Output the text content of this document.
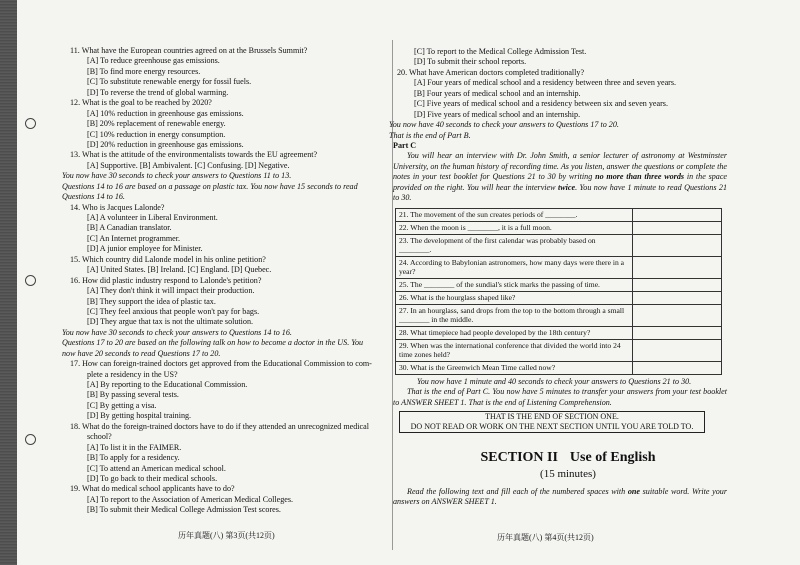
11. What have the European countries agreed on at the Brussels Summit?
[A] To reduce greenhouse gas emissions.
[B] To find more energy resources.
[C] To substitute renewable energy for fossil fuels.
[D] To reverse the trend of global warming.
12. What is the goal to be reached by 2020?
[A] 10% reduction in greenhouse gas emissions.
[B] 20% replacement of renewable energy.
[C] 10% reduction in energy consumption.
[D] 20% reduction in greenhouse gas emissions.
13. What is the attitude of the environmentalists towards the EU agreement?
[A] Supportive. [B] Ambivalent. [C] Confusing. [D] Negative.
You now have 30 seconds to check your answers to Questions 11 to 13.
Questions 14 to 16 are based on a passage on plastic tax. You now have 15 seconds to read
Questions 14 to 16.
14. Who is Jacques Lalonde?
[A] A volunteer in Liberal Environment.
[B] A Canadian translator.
[C] An Internet programmer.
[D] A junior employee for Minister.
15. Which country did Lalonde model in his online petition?
[A] United States. [B] Ireland. [C] England. [D] Quebec.
16. How did plastic industry respond to Lalonde's petition?
[A] They don't think it will impact their production.
[B] They support the idea of plastic tax.
[C] They feel anxious that people won't pay for bags.
[D] They argue that tax is not the ultimate solution.
You now have 30 seconds to check your answers to Questions 14 to 16.
Questions 17 to 20 are based on the following talk on how to become a doctor in the US. You
now have 20 seconds to read Questions 17 to 20.
17. How can foreign-trained doctors get approved from the Educational Commission to com-
plete a residency in the US?
[A] By reporting to the Educational Commission.
[B] By passing several tests.
[C] By getting a visa.
[D] By getting hospital training.
18. What do the foreign-trained doctors have to do if they attended an unrecognized medical
school?
[A] To list it in the FAIMER.
[B] To apply for a residency.
[C] To attend an American medical school.
[D] To go back to their medical schools.
19. What do medical school applicants have to do?
[A] To report to the Association of American Medical Colleges.
[B] To submit their Medical College Admission Test scores.
[C] To report to the Medical College Admission Test.
[D] To submit their school reports.
20. What have American doctors completed traditionally?
[A] Four years of medical school and a residency between three and seven years.
[B] Four years of medical school and an internship.
[C] Five years of medical school and a residency between six and seven years.
[D] Five years of medical school and an internship.
You now have 40 seconds to check your answers to Questions 17 to 20.
That is the end of Part B.
Part C
You will hear an interview with Dr. John Smith, a senior lecturer of astronomy at Westminster University, on the human history of recording time. As you listen, answer the questions or complete the notes in your test booklet for Questions 21 to 30 by writing no more than three words in the space provided on the right. You will hear the interview twice. You now have 1 minute to read Questions 21 to 30.
21. The movement of the sun creates periods of ________.	
22. When the moon is ________, it is a full moon.	
23. The development of the first calendar was probably based on ________.	
24. According to Babylonian astronomers, how many days were there in a year?	
25. The ________ of the sundial's stick marks the passing of time.	
26. What is the hourglass shaped like?	
27. In an hourglass, sand drops from the top to the bottom through a small ________ in the middle.	
28. What timepiece had people developed by the 18th century?	
29. When was the international conference that divided the world into 24 time zones held?	
30. What is the Greenwich Mean Time called now?	
You now have 1 minute and 40 seconds to check your answers to Questions 21 to 30.
That is the end of Part C. You now have 5 minutes to transfer your answers from your test booklet to ANSWER SHEET 1. That is the end of Listening Comprehension.
THAT IS THE END OF SECTION ONE.
DO NOT READ OR WORK ON THE NEXT SECTION UNTIL YOU ARE TOLD TO.
SECTION II Use of English
(15 minutes)
Read the following text and fill each of the numbered spaces with one suitable word. Write your answers on ANSWER SHEET 1.
历年真题(八) 第3页(共12页)	历年真题(八) 第4页(共12页)
